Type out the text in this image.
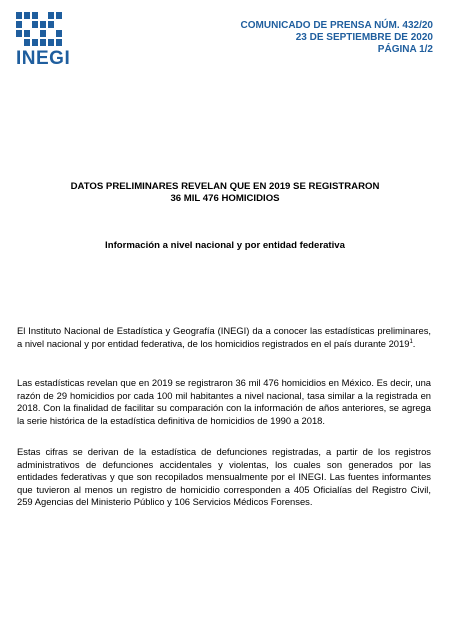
INEGI
COMUNICADO DE PRENSA NÚM. 432/20
23 DE SEPTIEMBRE DE 2020
PÁGINA 1/2
DATOS PRELIMINARES REVELAN QUE EN 2019 SE REGISTRARON
36 MIL 476 HOMICIDIOS
Información a nivel nacional y por entidad federativa

El Instituto Nacional de Estadística y Geografía (INEGI) da a conocer las estadísticas preliminares, a nivel nacional y por entidad federativa, de los homicidios registrados en el país durante 2019$^1$.

Las estadísticas revelan que en 2019 se registraron 36 mil 476 homicidios en México. Es decir, una razón de 29 homicidios por cada 100 mil habitantes a nivel nacional, tasa similar a la registrada en 2018. Con la finalidad de facilitar su comparación con la información de años anteriores, se agrega la serie histórica de la estadística definitiva de homicidios de 1990 a 2018.

Estas cifras se derivan de la estadística de defunciones registradas, a partir de los registros administrativos de defunciones accidentales y violentas, los cuales son generados por las entidades federativas y que son recopilados mensualmente por el INEGI. Las fuentes informantes que tuvieron al menos un registro de homicidio corresponden a 405 Oficialías del Registro Civil, 259 Agencias del Ministerio Público y 106 Servicios Médicos Forenses.
